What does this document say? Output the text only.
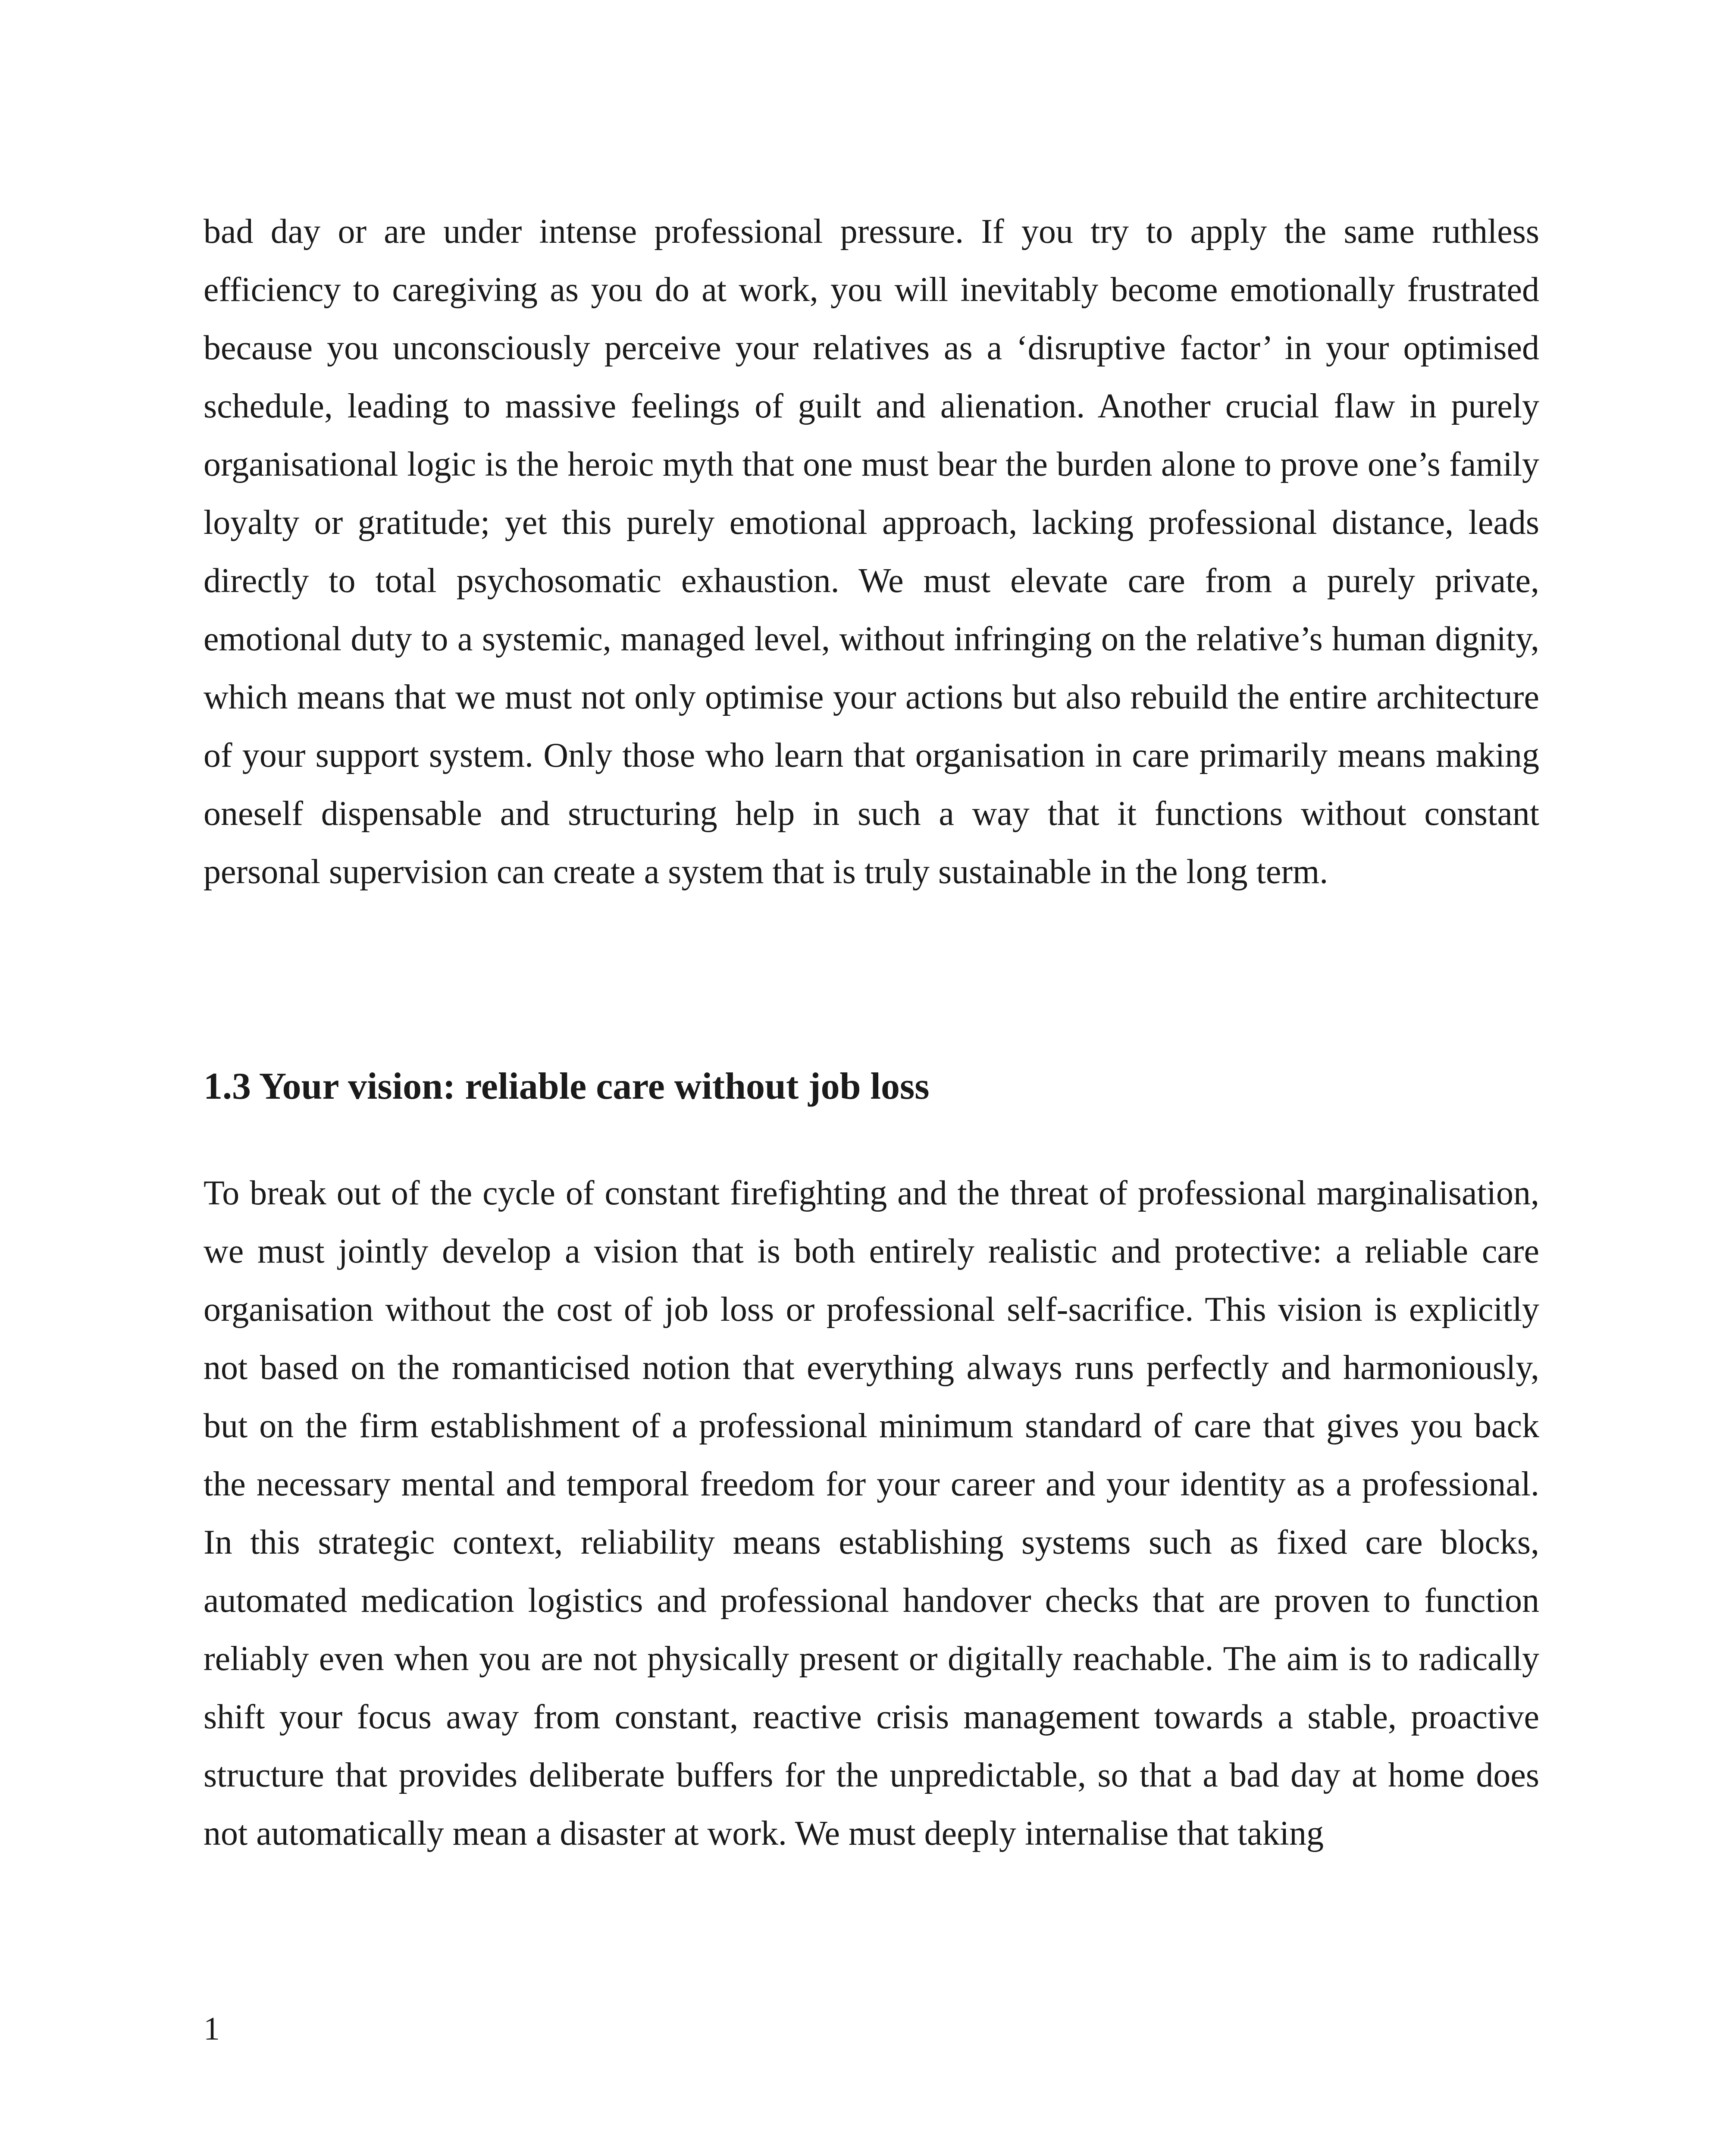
bad day or are under intense professional pressure. If you try to apply the same ruthless efficiency to caregiving as you do at work, you will inevitably become emotionally frustrated because you unconsciously perceive your relatives as a ‘disruptive factor’ in your optimised schedule, leading to massive feelings of guilt and alienation. Another crucial flaw in purely organisational logic is the heroic myth that one must bear the burden alone to prove one’s family loyalty or gratitude; yet this purely emotional approach, lacking professional distance, leads directly to total psychosomatic exhaustion. We must elevate care from a purely private, emotional duty to a systemic, managed level, without infringing on the relative’s human dignity, which means that we must not only optimise your actions but also rebuild the entire architecture of your support system. Only those who learn that organisation in care primarily means making oneself dispensable and structuring help in such a way that it functions without constant personal supervision can create a system that is truly sustainable in the long term.

1.3 Your vision: reliable care without job loss

To break out of the cycle of constant firefighting and the threat of professional marginalisation, we must jointly develop a vision that is both entirely realistic and protective: a reliable care organisation without the cost of job loss or professional self-sacrifice. This vision is explicitly not based on the romanticised notion that everything always runs perfectly and harmoniously, but on the firm establishment of a professional minimum standard of care that gives you back the necessary mental and temporal freedom for your career and your identity as a professional. In this strategic context, reliability means establishing systems such as fixed care blocks, automated medication logistics and professional handover checks that are proven to function reliably even when you are not physically present or digitally reachable. The aim is to radically shift your focus away from constant, reactive crisis management towards a stable, proactive structure that provides deliberate buffers for the unpredictable, so that a bad day at home does not automatically mean a disaster at work. We must deeply internalise that taking

1
